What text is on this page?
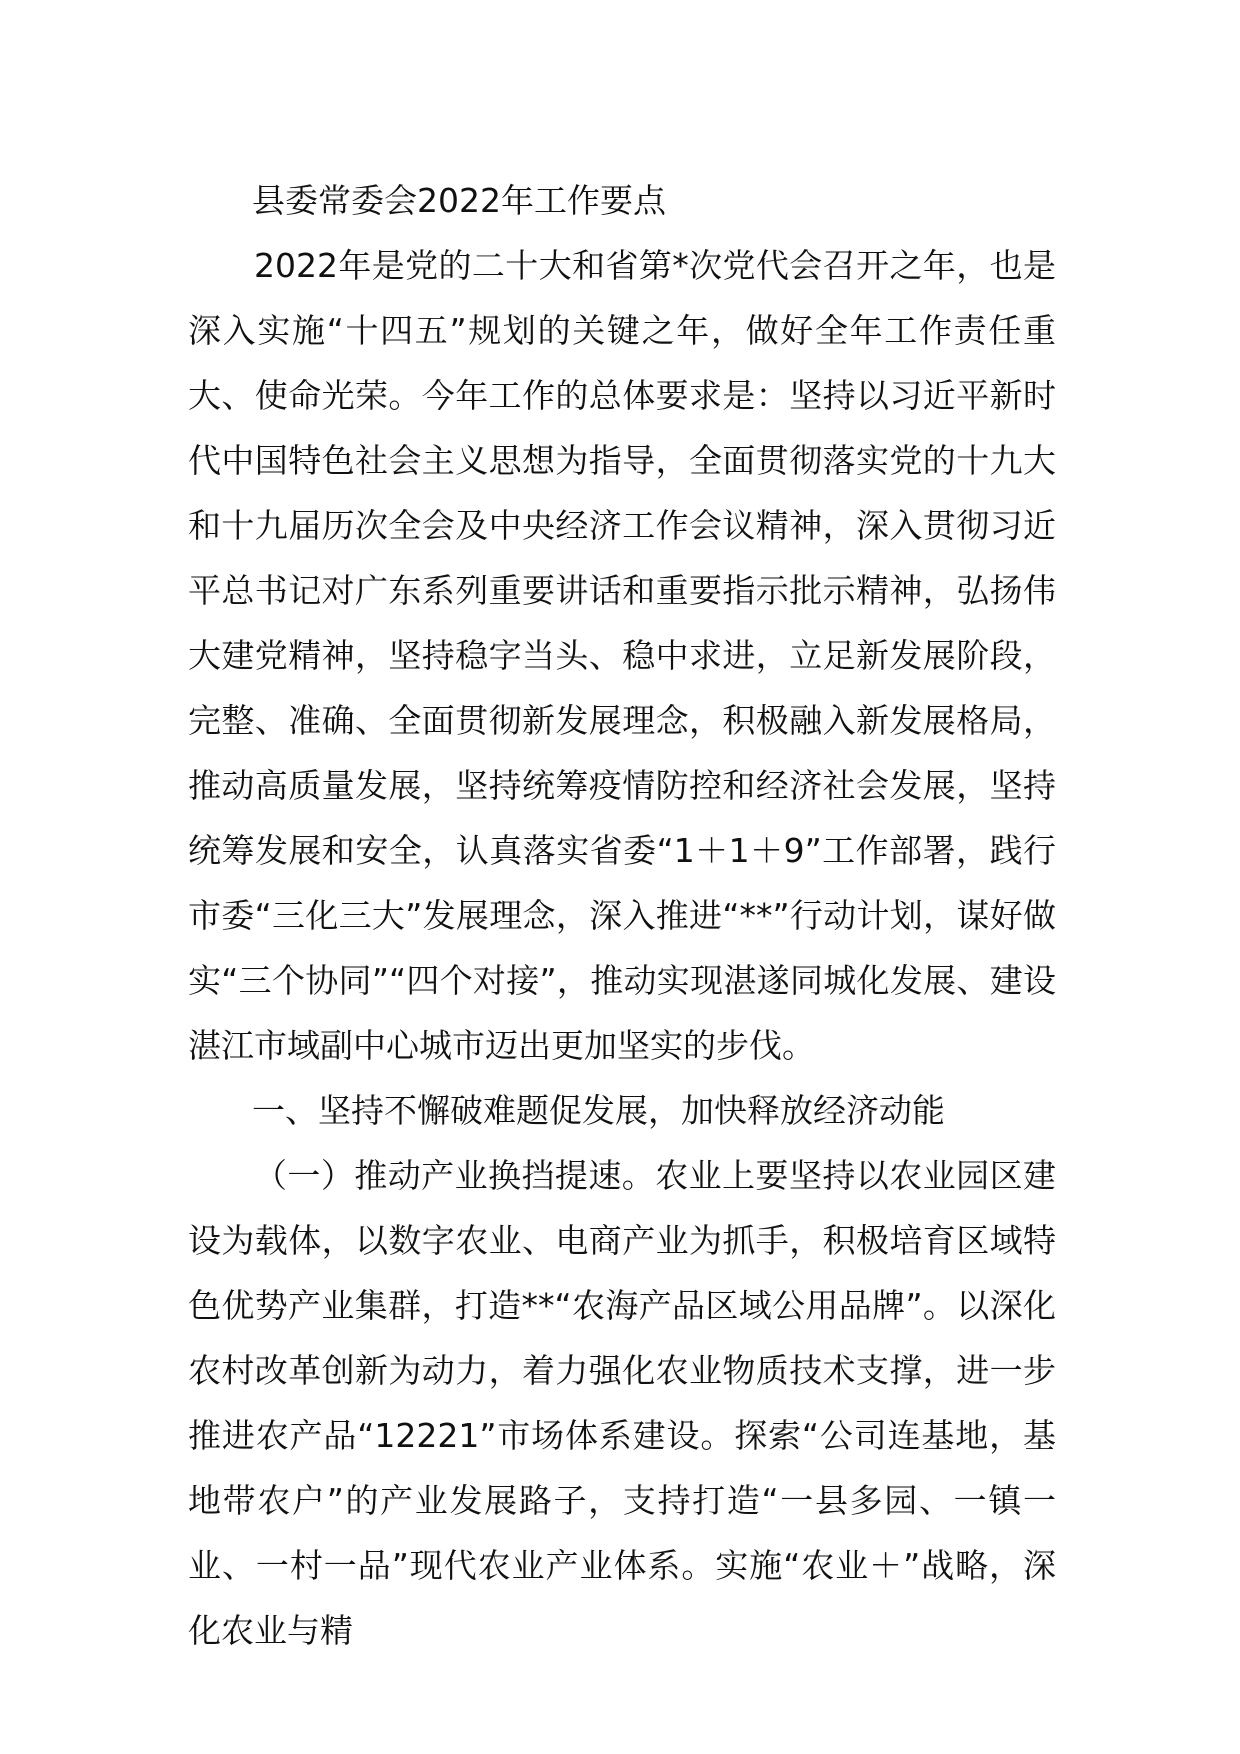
县委常委会2022年工作要点

2022年是党的二十大和省第*次党代会召开之年，也是深入实施“十四五”规划的关键之年，做好全年工作责任重大、使命光荣。今年工作的总体要求是：坚持以习近平新时代中国特色社会主义思想为指导，全面贯彻落实党的十九大和十九届历次全会及中央经济工作会议精神，深入贯彻习近平总书记对广东系列重要讲话和重要指示批示精神，弘扬伟大建党精神，坚持稳字当头、稳中求进，立足新发展阶段，完整、准确、全面贯彻新发展理念，积极融入新发展格局，推动高质量发展，坚持统筹疫情防控和经济社会发展，坚持统筹发展和安全，认真落实省委“1＋1＋9”工作部署，践行市委“三化三大”发展理念，深入推进“**”行动计划，谋好做实“三个协同”“四个对接”，推动实现湛遂同城化发展、建设湛江市域副中心城市迈出更加坚实的步伐。

一、坚持不懈破难题促发展，加快释放经济动能

（一）推动产业换挡提速。农业上要坚持以农业园区建设为载体，以数字农业、电商产业为抓手，积极培育区域特色优势产业集群，打造**“农海产品区域公用品牌”。以深化农村改革创新为动力，着力强化农业物质技术支撑，进一步推进农产品“12221”市场体系建设。探索“公司连基地，基地带农户”的产业发展路子，支持打造“一县多园、一镇一业、一村一品”现代农业产业体系。实施“农业＋”战略，深化农业与精
